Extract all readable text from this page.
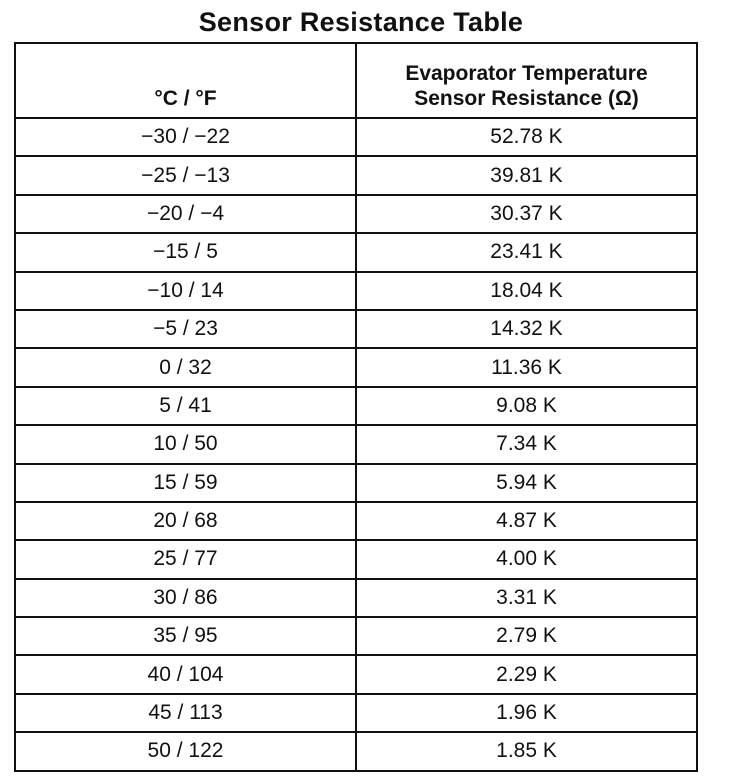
Sensor Resistance Table
°C / °F	Evaporator Temperature
Sensor Resistance (Ω)

−30 / −22	52.78 K
−25 / −13	39.81 K
−20 / −4	30.37 K
−15 / 5	23.41 K
−10 / 14	18.04 K
−5 / 23	14.32 K
0 / 32	11.36 K
5 / 41	9.08 K
10 / 50	7.34 K
15 / 59	5.94 K
20 / 68	4.87 K
25 / 77	4.00 K
30 / 86	3.31 K
35 / 95	2.79 K
40 / 104	2.29 K
45 / 113	1.96 K
50 / 122	1.85 K
